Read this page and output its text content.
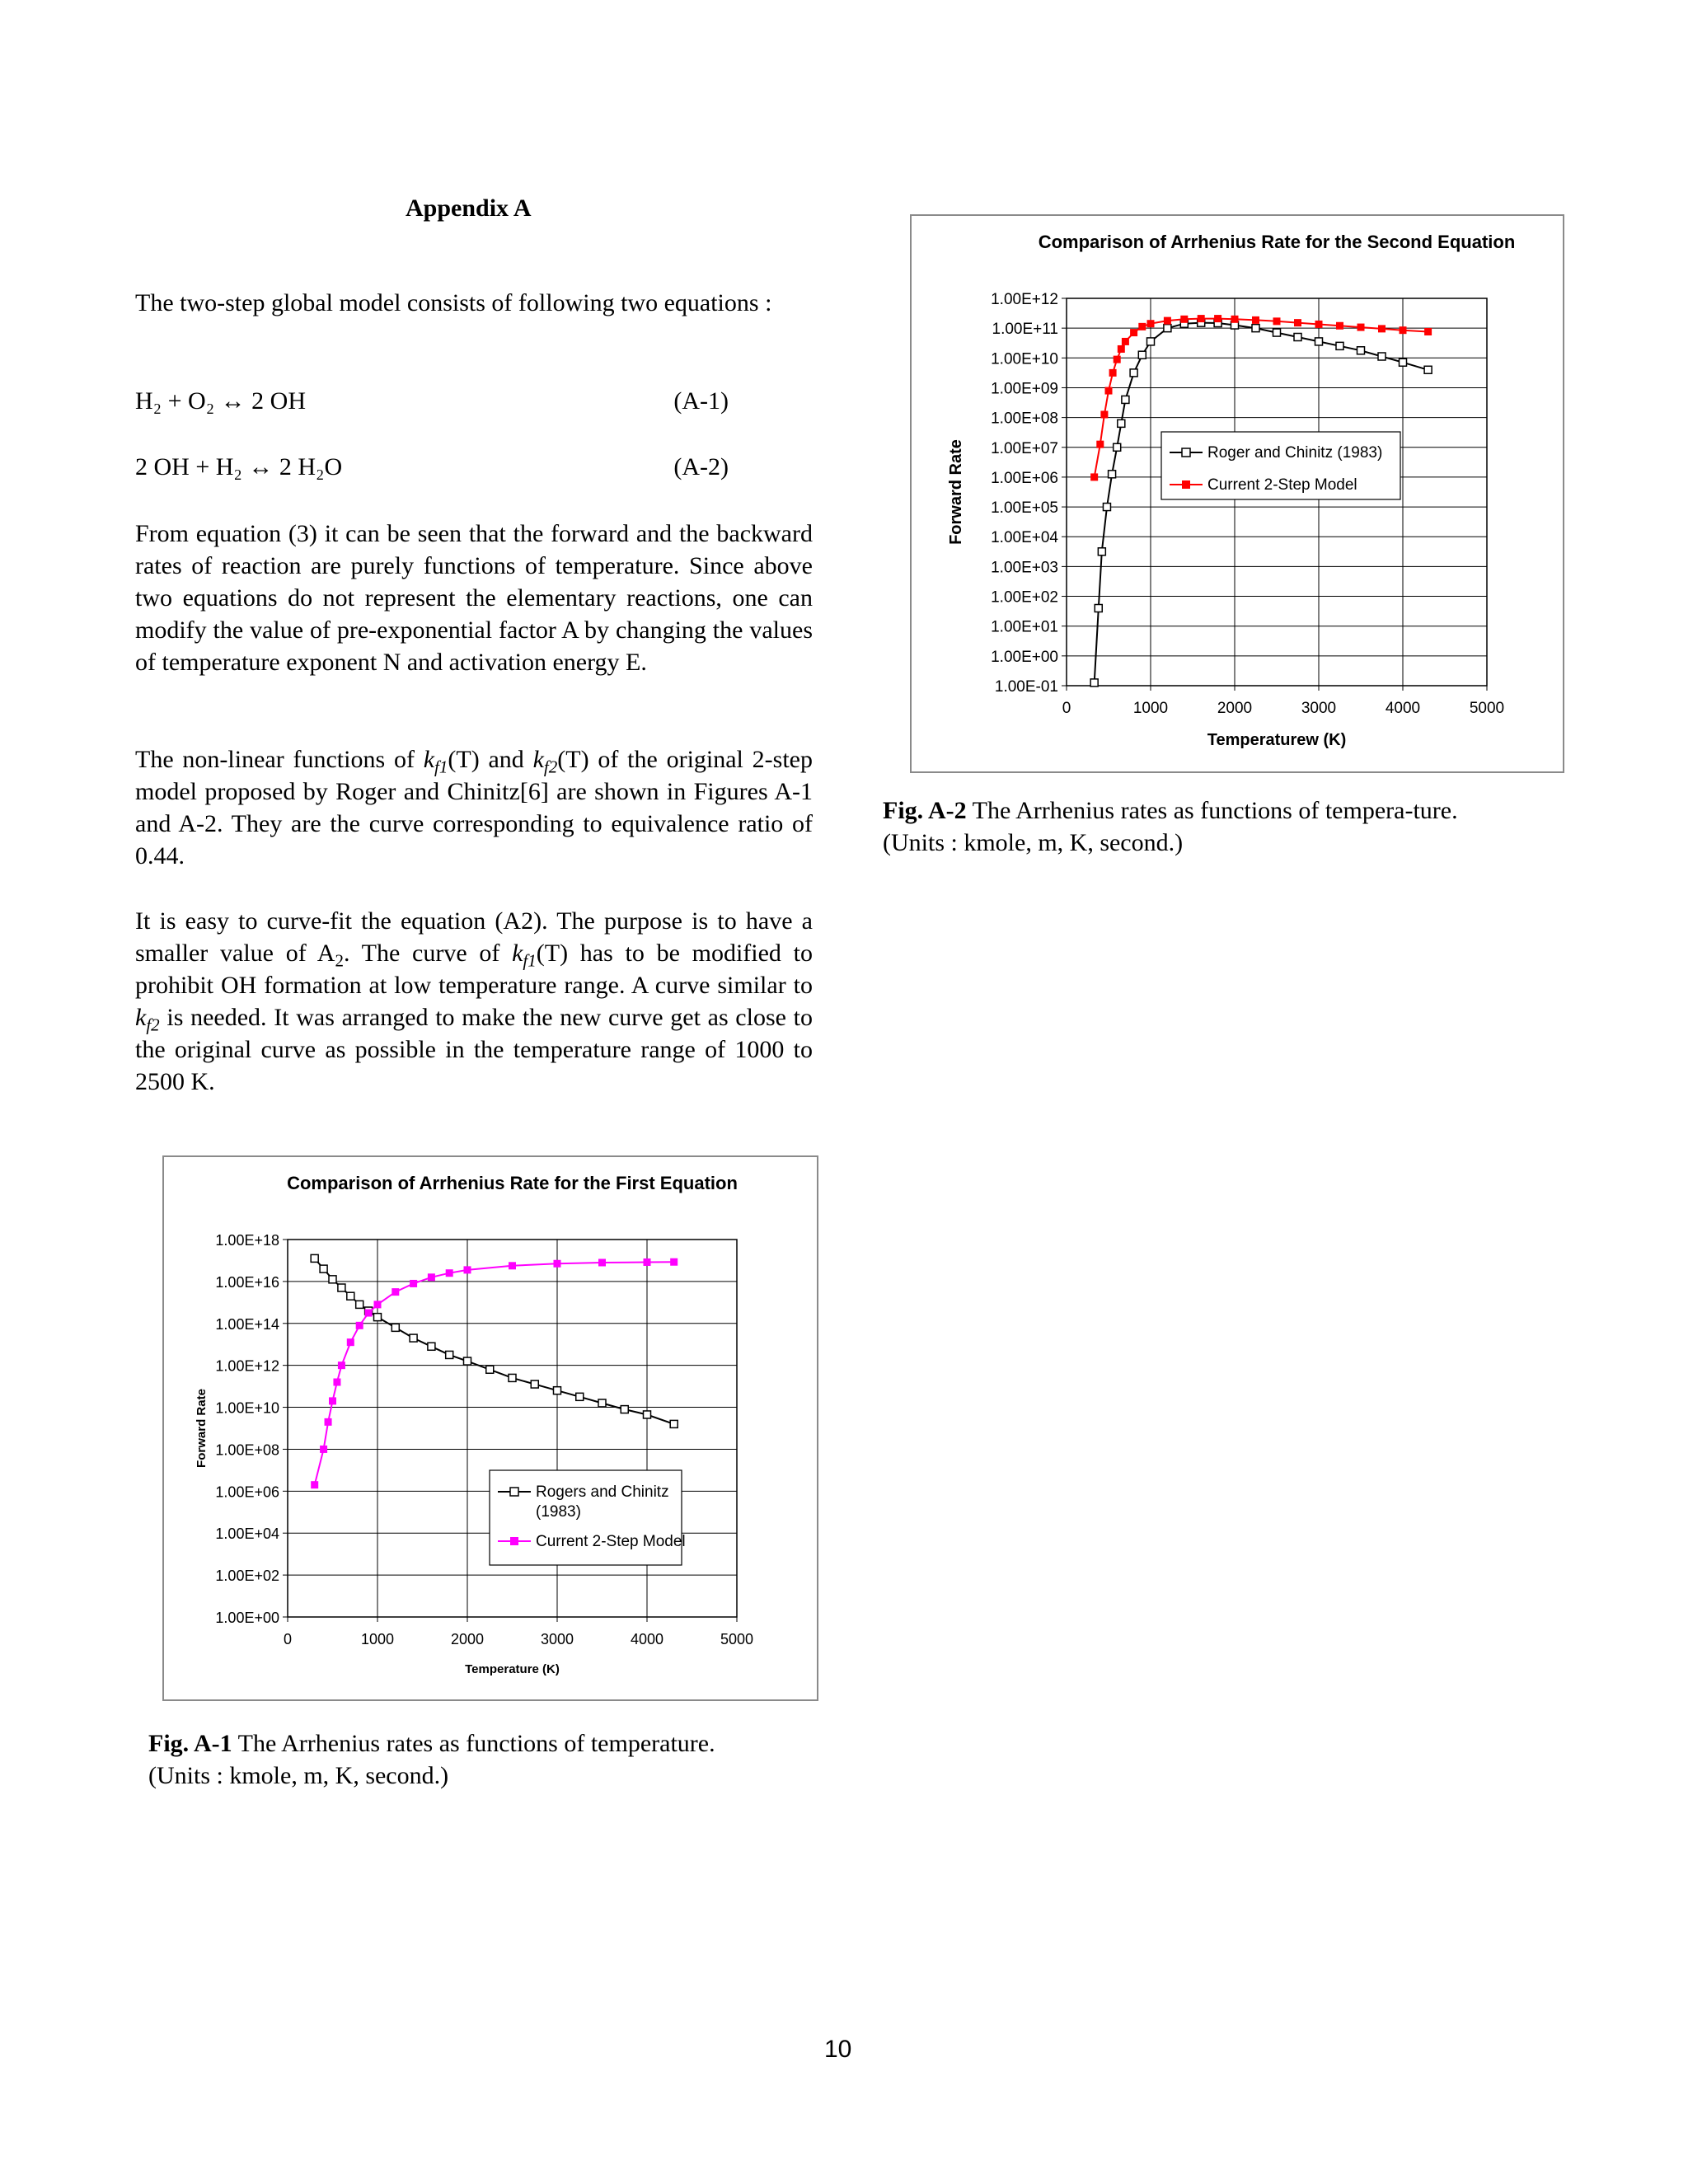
Appendix A
The two-step global model consists of following two equations :
H₂ + O₂ ↔ 2 OH	(A-1)
2 OH + H₂ ↔ 2 H₂O	(A-2)
From equation (3) it can be seen that the forward and the backward rates of reaction are purely functions of temperature. Since above two equations do not represent the elementary reactions, one can modify the value of pre-exponential factor A by changing the values of temperature exponent N and activation energy E.
The non-linear functions of $k_{f1}(T)$ and $k_{f2}(T)$ of the original 2-step model proposed by Roger and Chinitz[6] are shown in Figures A-1 and A-2. They are the curve corresponding to equivalence ratio of 0.44.
It is easy to curve-fit the equation (A2). The purpose is to have a smaller value of $A_2$. The curve of $k_{f1}(T)$ has to be modified to prohibit OH formation at low temperature range. A curve similar to $k_{f2}$ is needed. It was arranged to make the new curve get as close to the original curve as possible in the temperature range of 1000 to 2500 K.
Comparison of Arrhenius Rate for the First Equation
1.00E+00
1.00E+02
1.00E+04
1.00E+06
1.00E+08
1.00E+10
1.00E+12
1.00E+14
1.00E+16
1.00E+18
0	1000	2000	3000	4000	5000
Temperature (K)
Forward Rate
Rogers and Chinitz
(1983)
Current 2-Step Model
Fig. A-1 The Arrhenius rates as functions of temperature.
(Units : kmole, m, K, second.)
Comparison of Arrhenius Rate for the Second Equation
1.00E-01
1.00E+00
1.00E+01
1.00E+02
1.00E+03
1.00E+04
1.00E+05
1.00E+06
1.00E+07
1.00E+08
1.00E+09
1.00E+10
1.00E+11
1.00E+12
0	1000	2000	3000	4000	5000
Temperaturew (K)
Forward Rate	Roger and Chinitz (1983)
Current 2-Step Model
Fig. A-2 The Arrhenius rates as functions of tempera-ture.
(Units : kmole, m, K, second.)
10
